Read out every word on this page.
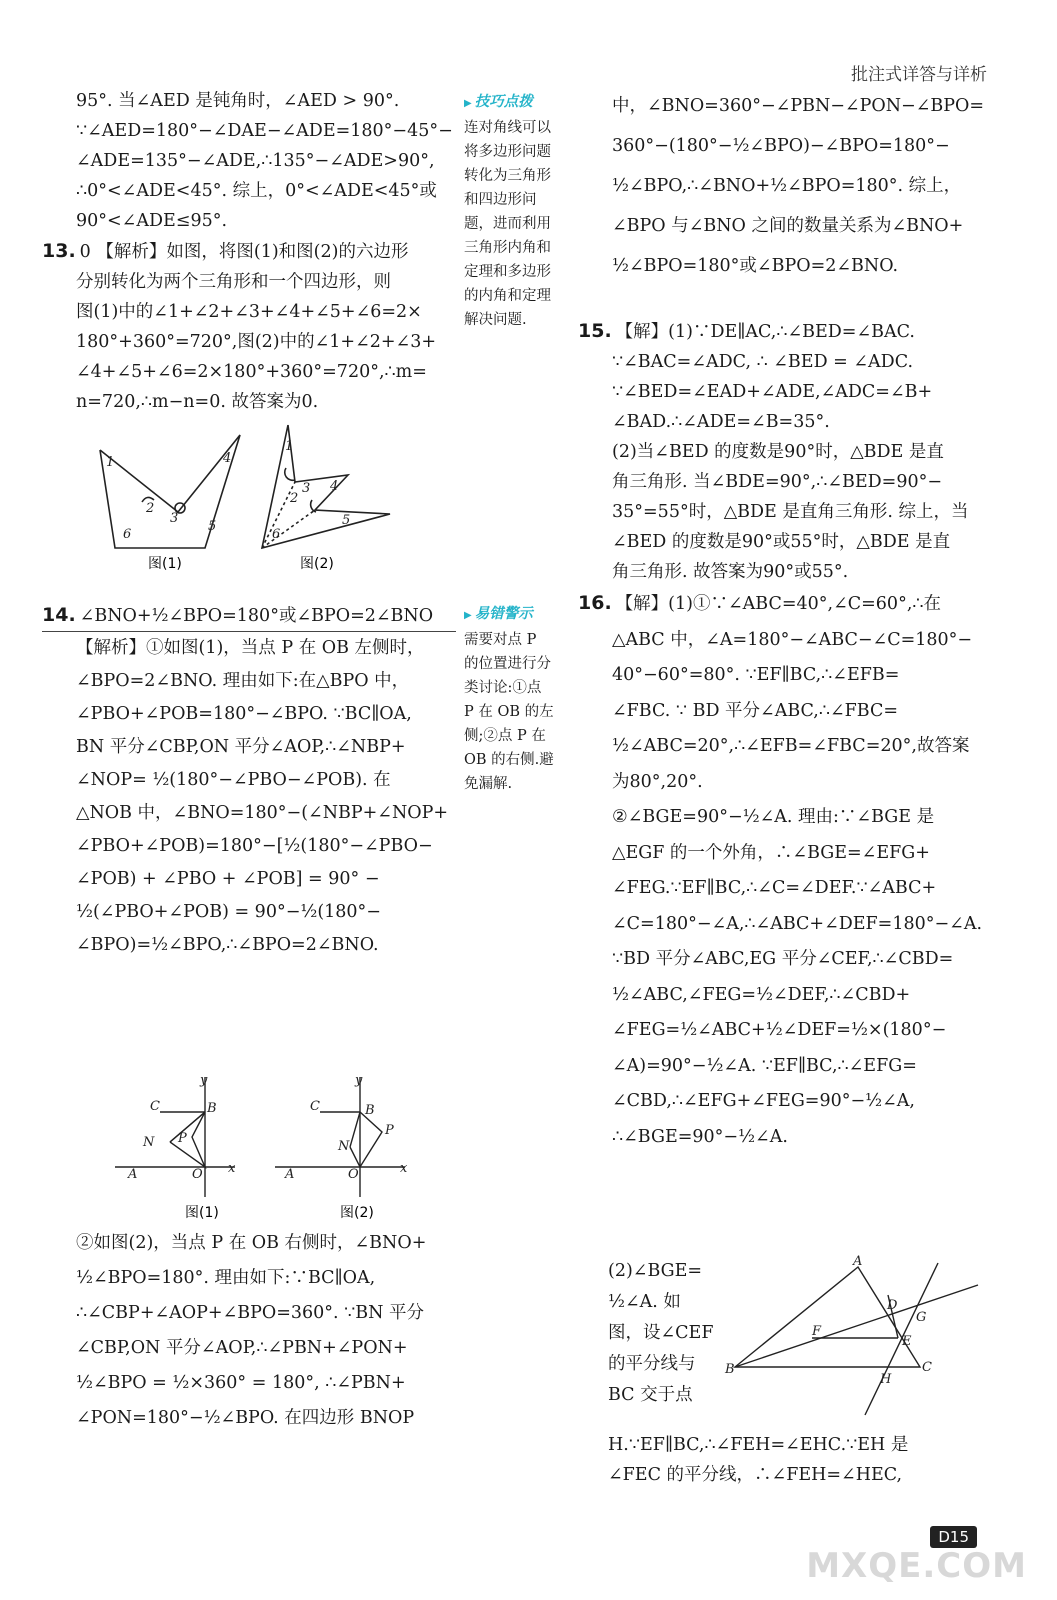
批注式详答与详析

95°. 当∠AED 是钝角时，∠AED > 90°.

∵∠AED=180°−∠DAE−∠ADE=180°−45°−

∠ADE=135°−∠ADE,∴135°−∠ADE>90°,

∴0°<∠ADE<45°. 综上，0°<∠ADE<45°或

90°<∠ADE≤95°.

13. 0 【解析】如图，将图(1)和图(2)的六边形

分别转化为两个三角形和一个四边形，则

图(1)中的∠1+∠2+∠3+∠4+∠5+∠6=2×

180°+360°=720°,图(2)中的∠1+∠2+∠3+

∠4+∠5+∠6=2×180°+360°=720°,∴m=

n=720,∴m−n=0. 故答案为0.

1
2
3
4
5
6
1
2
3 4
5
6
图(1)	图(2)

14. ∠BNO+½∠BPO=180°或∠BPO=2∠BNO

【解析】①如图(1)，当点 P 在 OB 左侧时，

∠BPO=2∠BNO. 理由如下:在△BPO 中，

∠PBO+∠POB=180°−∠BPO. ∵BC∥OA,

BN 平分∠CBP,ON 平分∠AOP,∴∠NBP+

∠NOP= ½(180°−∠PBO−∠POB). 在

△NOB 中，∠BNO=180°−(∠NBP+∠NOP+

∠PBO+∠POB)=180°−[½(180°−∠PBO−

∠POB) + ∠PBO + ∠POB] = 90° −

½(∠PBO+∠POB) = 90°−½(180°−

∠BPO)=½∠BPO,∴∠BPO=2∠BNO.

y
x
C	B
N P
A	O
y
x
C	B
N
P
A	O
图(1)	图(2)

②如图(2)，当点 P 在 OB 右侧时，∠BNO+

½∠BPO=180°. 理由如下:∵BC∥OA,

∴∠CBP+∠AOP+∠BPO=360°. ∵BN 平分

∠CBP,ON 平分∠AOP,∴∠PBN+∠PON+

½∠BPO = ½×360° = 180°, ∴∠PBN+

∠PON=180°−½∠BPO. 在四边形 BNOP

▶ 技巧点拨
连对角线可以
将多边形问题
转化为三角形
和四边形问
题，进而利用
三角形内角和
定理和多边形
的内角和定理
解决问题.
▶ 易错警示
需要对点 P
的位置进行分
类讨论:①点
P 在 OB 的左
侧;②点 P 在
OB 的右侧.避
免漏解.

中，∠BNO=360°−∠PBN−∠PON−∠BPO=

360°−(180°−½∠BPO)−∠BPO=180°−

½∠BPO,∴∠BNO+½∠BPO=180°. 综上，

∠BPO 与∠BNO 之间的数量关系为∠BNO+

½∠BPO=180°或∠BPO=2∠BNO.

15. 【解】(1)∵DE∥AC,∴∠BED=∠BAC.

∵∠BAC=∠ADC, ∴ ∠BED = ∠ADC.

∵∠BED=∠EAD+∠ADE,∠ADC=∠B+

∠BAD.∴∠ADE=∠B=35°.

(2)当∠BED 的度数是90°时，△BDE 是直

角三角形. 当∠BDE=90°,∴∠BED=90°−

35°=55°时，△BDE 是直角三角形. 综上，当

∠BED 的度数是90°或55°时，△BDE 是直

角三角形. 故答案为90°或55°.

16. 【解】(1)①∵∠ABC=40°,∠C=60°,∴在

△ABC 中，∠A=180°−∠ABC−∠C=180°−

40°−60°=80°. ∵EF∥BC,∴∠EFB=

∠FBC. ∵ BD 平分∠ABC,∴∠FBC=

½∠ABC=20°,∴∠EFB=∠FBC=20°,故答案

为80°,20°.

②∠BGE=90°−½∠A. 理由:∵∠BGE 是

△EGF 的一个外角，∴∠BGE=∠EFG+

∠FEG.∵EF∥BC,∴∠C=∠DEF.∵∠ABC+

∠C=180°−∠A,∴∠ABC+∠DEF=180°−∠A.

∵BD 平分∠ABC,EG 平分∠CEF,∴∠CBD=

½∠ABC,∠FEG=½∠DEF,∴∠CBD+

∠FEG=½∠ABC+½∠DEF=½×(180°−

∠A)=90°−½∠A. ∵EF∥BC,∴∠EFG=

∠CBD,∴∠EFG+∠FEG=90°−½∠A,

∴∠BGE=90°−½∠A.

(2)∠BGE=

½∠A. 如

图，设∠CEF

的平分线与

BC 交于点

A
B	C
D
E
F
G
H

H.∵EF∥BC,∴∠FEH=∠EHC.∵EH 是

∠FEC 的平分线，∴∠FEH=∠HEC,

D15
MXQE.COM
